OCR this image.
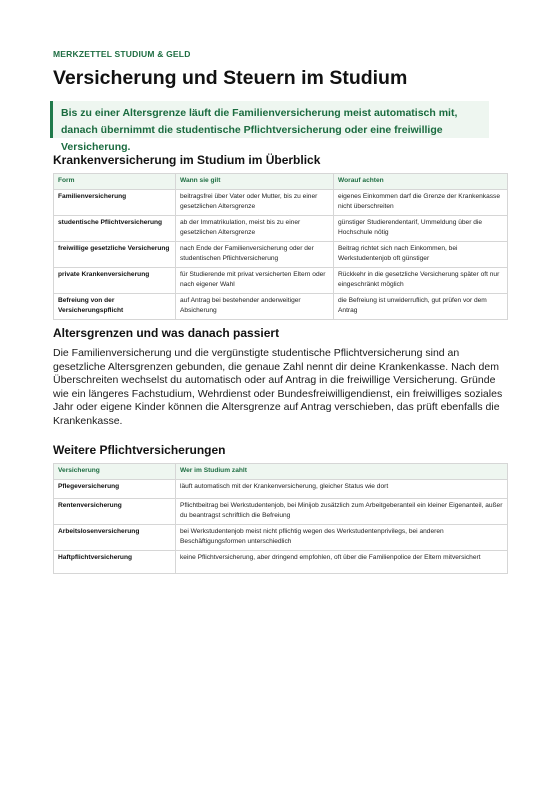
MERKZETTEL STUDIUM & GELD
Versicherung und Steuern im Studium

Bis zu einer Altersgrenze läuft die Familienversicherung meist automatisch mit, danach übernimmt die studentische Pflichtversicherung oder eine freiwillige Versicherung.

Krankenversicherung im Studium im Überblick
Form	Wann sie gilt	Worauf achten
Familienversicherung	beitragsfrei über Vater oder Mutter, bis zu einer gesetzlichen Altersgrenze	eigenes Einkommen darf die Grenze der Krankenkasse nicht überschreiten
studentische Pflichtversicherung	ab der Immatrikulation, meist bis zu einer gesetzlichen Altersgrenze	günstiger Studierendentarif, Ummeldung über die Hochschule nötig
freiwillige gesetzliche Versicherung	nach Ende der Familienversicherung oder der studentischen Pflichtversicherung	Beitrag richtet sich nach Einkommen, bei Werkstudentenjob oft günstiger
private Krankenversicherung	für Studierende mit privat versicherten Eltern oder nach eigener Wahl	Rückkehr in die gesetzliche Versicherung später oft nur eingeschränkt möglich
Befreiung von der Versicherungspflicht	auf Antrag bei bestehender anderweitiger Absicherung	die Befreiung ist unwiderruflich, gut prüfen vor dem Antrag
Altersgrenzen und was danach passiert

Die Familienversicherung und die vergünstigte studentische Pflichtversicherung sind an gesetzliche Altersgrenzen gebunden, die genaue Zahl nennt dir deine Krankenkasse. Nach dem Überschreiten wechselst du automatisch oder auf Antrag in die freiwillige Versicherung. Gründe wie ein längeres Fachstudium, Wehrdienst oder Bundesfreiwilligendienst, ein freiwilliges soziales Jahr oder eigene Kinder können die Altersgrenze auf Antrag verschieben, das prüft ebenfalls die Krankenkasse.

Weitere Pflichtversicherungen
Versicherung	Wer im Studium zahlt
Pflegeversicherung	läuft automatisch mit der Krankenversicherung, gleicher Status wie dort
Rentenversicherung	Pflichtbeitrag bei Werkstudentenjob, bei Minijob zusätzlich zum Arbeitgeberanteil ein kleiner Eigenanteil, außer du beantragst schriftlich die Befreiung
Arbeitslosenversicherung	bei Werkstudentenjob meist nicht pflichtig wegen des Werkstudentenprivilegs, bei anderen Beschäftigungsformen unterschiedlich
Haftpflichtversicherung	keine Pflichtversicherung, aber dringend empfohlen, oft über die Familienpolice der Eltern mitversichert
